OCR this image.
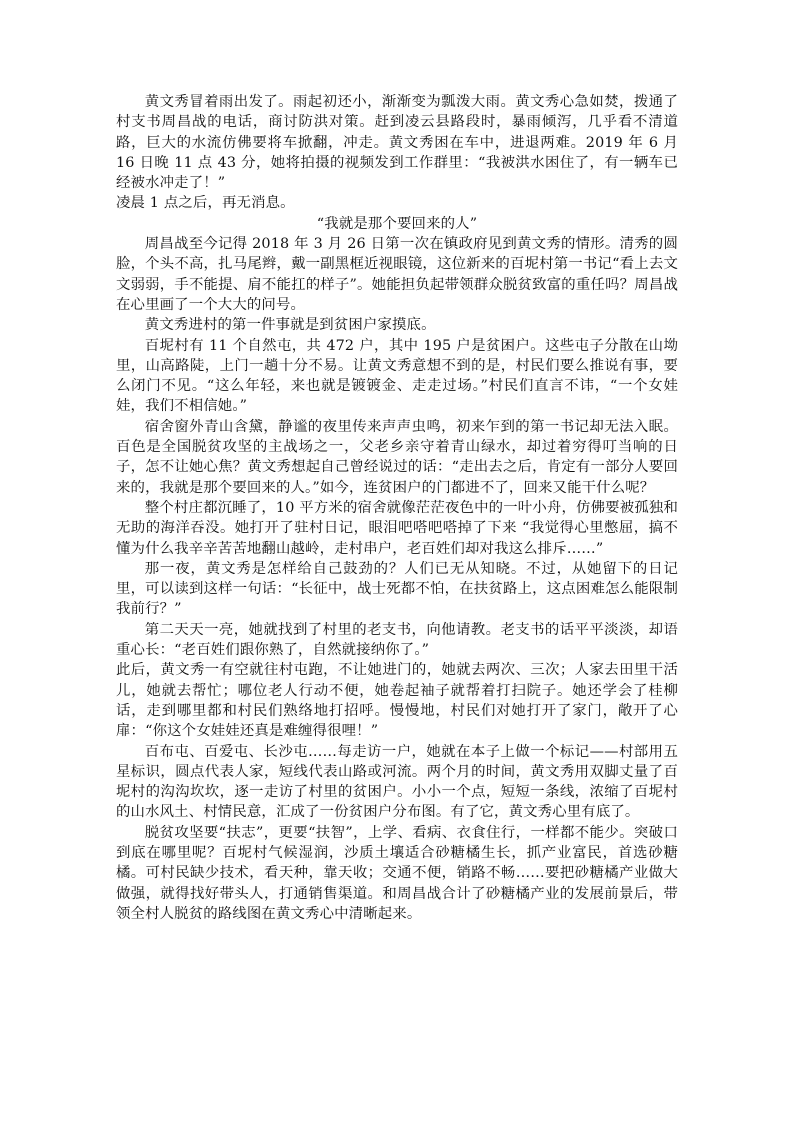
黄文秀冒着雨出发了。雨起初还小，渐渐变为瓢泼大雨。黄文秀心急如焚，拨通了村支书周昌战的电话，商讨防洪对策。赶到凌云县路段时，暴雨倾泻，几乎看不清道路，巨大的水流仿佛要将车掀翻，冲走。黄文秀困在车中，进退两难。2019 年 6 月 16 日晚 11 点 43 分，她将拍摄的视频发到工作群里：“我被洪水困住了，有一辆车已经被水冲走了！”

凌晨 1 点之后，再无消息。

“我就是那个要回来的人”

周昌战至今记得 2018 年 3 月 26 日第一次在镇政府见到黄文秀的情形。清秀的圆脸，个头不高，扎马尾辫，戴一副黑框近视眼镜，这位新来的百坭村第一书记“看上去文文弱弱，手不能提、肩不能扛的样子”。她能担负起带领群众脱贫致富的重任吗？周昌战在心里画了一个大大的问号。

黄文秀进村的第一件事就是到贫困户家摸底。

百坭村有 11 个自然屯，共 472 户，其中 195 户是贫困户。这些屯子分散在山坳里，山高路陡，上门一趟十分不易。让黄文秀意想不到的是，村民们要么推说有事，要么闭门不见。“这么年轻，来也就是镀镀金、走走过场。”村民们直言不讳，“一个女娃娃，我们不相信她。”

宿舍窗外青山含黛，静谧的夜里传来声声虫鸣，初来乍到的第一书记却无法入眠。百色是全国脱贫攻坚的主战场之一，父老乡亲守着青山绿水，却过着穷得叮当响的日子，怎不让她心焦？黄文秀想起自己曾经说过的话：“走出去之后，肯定有一部分人要回来的，我就是那个要回来的人。”如今，连贫困户的门都进不了，回来又能干什么呢？

整个村庄都沉睡了，10 平方米的宿舍就像茫茫夜色中的一叶小舟，仿佛要被孤独和无助的海洋吞没。她打开了驻村日记，眼泪吧嗒吧嗒掉了下来 “我觉得心里憋屈，搞不懂为什么我辛辛苦苦地翻山越岭，走村串户，老百姓们却对我这么排斥……”

那一夜，黄文秀是怎样给自己鼓劲的？人们已无从知晓。不过，从她留下的日记里，可以读到这样一句话：“长征中，战士死都不怕，在扶贫路上，这点困难怎么能限制我前行？”

第二天天一亮，她就找到了村里的老支书，向他请教。老支书的话平平淡淡，却语重心长：“老百姓们跟你熟了，自然就接纳你了。”

此后，黄文秀一有空就往村屯跑，不让她进门的，她就去两次、三次；人家去田里干活儿，她就去帮忙；哪位老人行动不便，她卷起袖子就帮着打扫院子。她还学会了桂柳话，走到哪里都和村民们熟络地打招呼。慢慢地，村民们对她打开了家门，敞开了心扉：“你这个女娃娃还真是难缠得很哩！”

百布屯、百爱屯、长沙屯……每走访一户，她就在本子上做一个标记——村部用五星标识，圆点代表人家，短线代表山路或河流。两个月的时间，黄文秀用双脚丈量了百坭村的沟沟坎坎，逐一走访了村里的贫困户。小小一个点，短短一条线，浓缩了百坭村的山水风土、村情民意，汇成了一份贫困户分布图。有了它，黄文秀心里有底了。

脱贫攻坚要“扶志”，更要“扶智”，上学、看病、衣食住行，一样都不能少。突破口到底在哪里呢？百坭村气候湿润，沙质土壤适合砂糖橘生长，抓产业富民，首选砂糖橘。可村民缺少技术，看天种，靠天收；交通不便，销路不畅……要把砂糖橘产业做大做强，就得找好带头人，打通销售渠道。和周昌战合计了砂糖橘产业的发展前景后，带领全村人脱贫的路线图在黄文秀心中清晰起来。
